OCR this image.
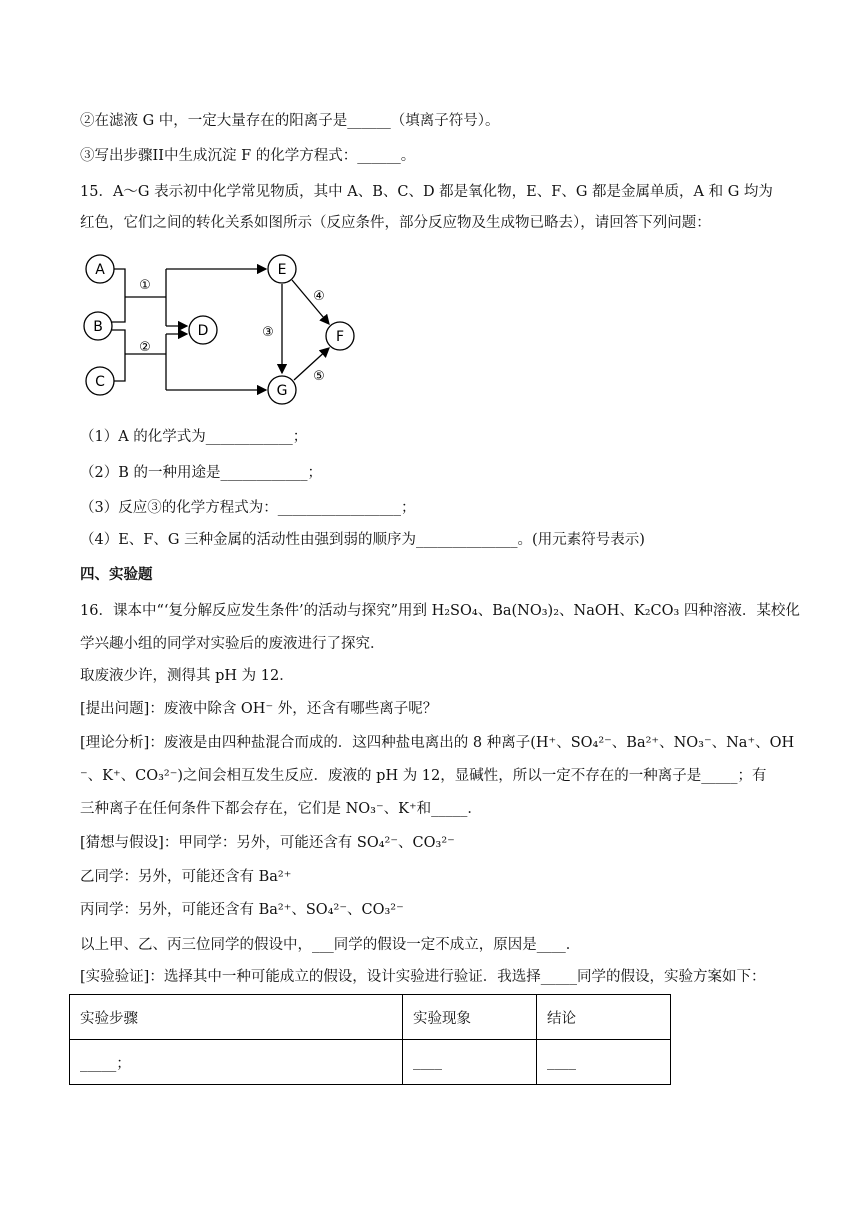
②在滤液 G 中，一定大量存在的阳离子是______（填离子符号）。
③写出步骤II中生成沉淀 F 的化学方程式：______。
15．A～G 表示初中化学常见物质，其中 A、B、C、D 都是氧化物，E、F、G 都是金属单质，A 和 G 均为
红色，它们之间的转化关系如图所示（反应条件，部分反应物及生成物已略去），请回答下列问题：
A
B
C
D
E
F
G
①
②
③
④
⑤
（1）A 的化学式为____________；
（2）B 的一种用途是____________；
（3）反应③的化学方程式为：_________________；
（4）E、F、G 三种金属的活动性由强到弱的顺序为______________。(用元素符号表示)
四、实验题
16．课本中“‘复分解反应发生条件’的活动与探究”用到 H₂SO₄、Ba(NO₃)₂、NaOH、K₂CO₃ 四种溶液．某校化
学兴趣小组的同学对实验后的废液进行了探究．
取废液少许，测得其 pH 为 12．
[提出问题]：废液中除含 OH⁻ 外，还含有哪些离子呢？
[理论分析]：废液是由四种盐混合而成的．这四种盐电离出的 8 种离子(H⁺、SO₄²⁻、Ba²⁺、NO₃⁻、Na⁺、OH
⁻、K⁺、CO₃²⁻)之间会相互发生反应．废液的 pH 为 12，显碱性，所以一定不存在的一种离子是_____；有
三种离子在任何条件下都会存在，它们是 NO₃⁻、K⁺和_____．
[猜想与假设]：甲同学：另外，可能还含有 SO₄²⁻、CO₃²⁻
乙同学：另外，可能还含有 Ba²⁺
丙同学：另外，可能还含有 Ba²⁺、SO₄²⁻、CO₃²⁻
以上甲、乙、丙三位同学的假设中，___同学的假设一定不成立，原因是____．
[实验验证]：选择其中一种可能成立的假设，设计实验进行验证．我选择_____同学的假设，实验方案如下：
实验步骤	实验现象	结论
_____；	____	____
